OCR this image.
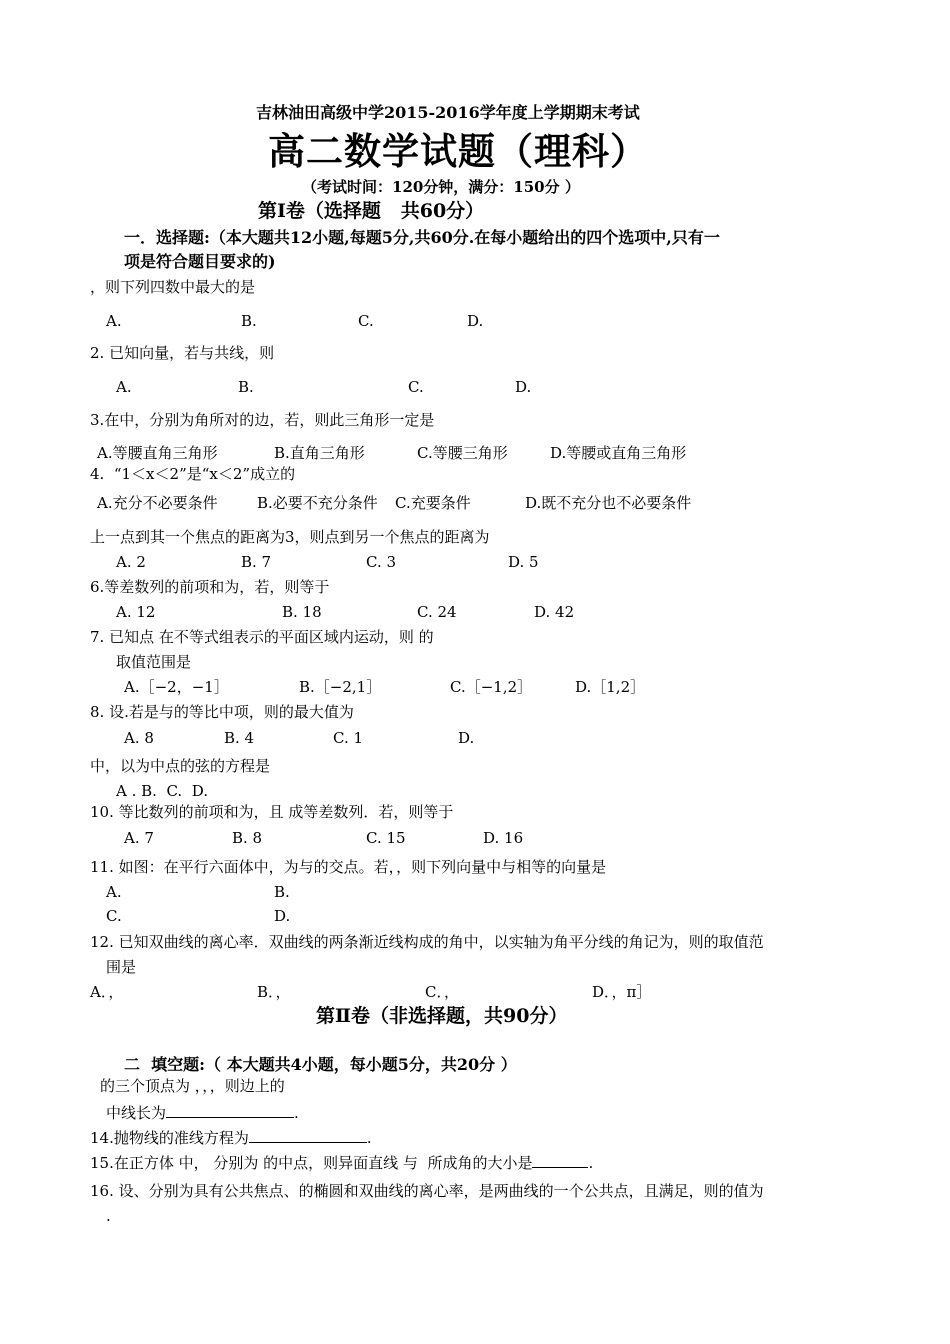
吉林油田高级中学2015-2016学年度上学期期末考试
高二数学试题（理科）
（考试时间：120分钟，满分：150分 ）
第Ⅰ卷（选择题   共60分）
一．选择题:（本大题共12小题,每题5分,共60分.在每小题给出的四个选项中,只有一
项是符合题目要求的)
，则下列四数中最大的是
A.	B.	C.	D.
2. 已知向量，若与共线，则
A.	B.	C.	D.
3.在中，分别为角所对的边，若，则此三角形一定是
A.等腰直角三角形	B.直角三角形	C.等腰三角形	D.等腰或直角三角形
4.  “1＜x＜2”是“x＜2”成立的
A.充分不必要条件	B.必要不充分条件 C.充要条件	D.既不充分也不必要条件
上一点到其一个焦点的距离为3，则点到另一个焦点的距离为
A. 2	B. 7	C. 3	D. 5
6.等差数列的前项和为，若，则等于
A. 12	B. 18	C. 24	D. 42
7. 已知点 在不等式组表示的平面区域内运动，则 的
取值范围是
A.［−2，−1］	B.［−2,1］	C.［−1,2］	D.［1,2］
8. 设.若是与的等比中项，则的最大值为
A. 8	B. 4	C. 1	D.
中，以为中点的弦的方程是
A . B.  C.  D.
10. 等比数列的前项和为，且 成等差数列．若，则等于
A. 7	B. 8	C. 15	D. 16
11. 如图：在平行六面体中，为与的交点。若，，则下列向量中与相等的向量是
A.	B.
C.	D.
12. 已知双曲线的离心率．双曲线的两条渐近线构成的角中，以实轴为角平分线的角记为，则的取值范
围是
A．，	B．，	C．，	D．，π］
第Ⅱ卷（非选择题，共90分）
二  填空题:（ 本大题共4小题，每小题5分，共20分 ）
的三个顶点为 ，，，则边上的
中线长为	.
14.抛物线的准线方程为	.
15.在正方体 中， 分别为 的中点，则异面直线 与  所成角的大小是	.
16. 设、分别为具有公共焦点、的椭圆和双曲线的离心率，是两曲线的一个公共点，且满足，则的值为
.
